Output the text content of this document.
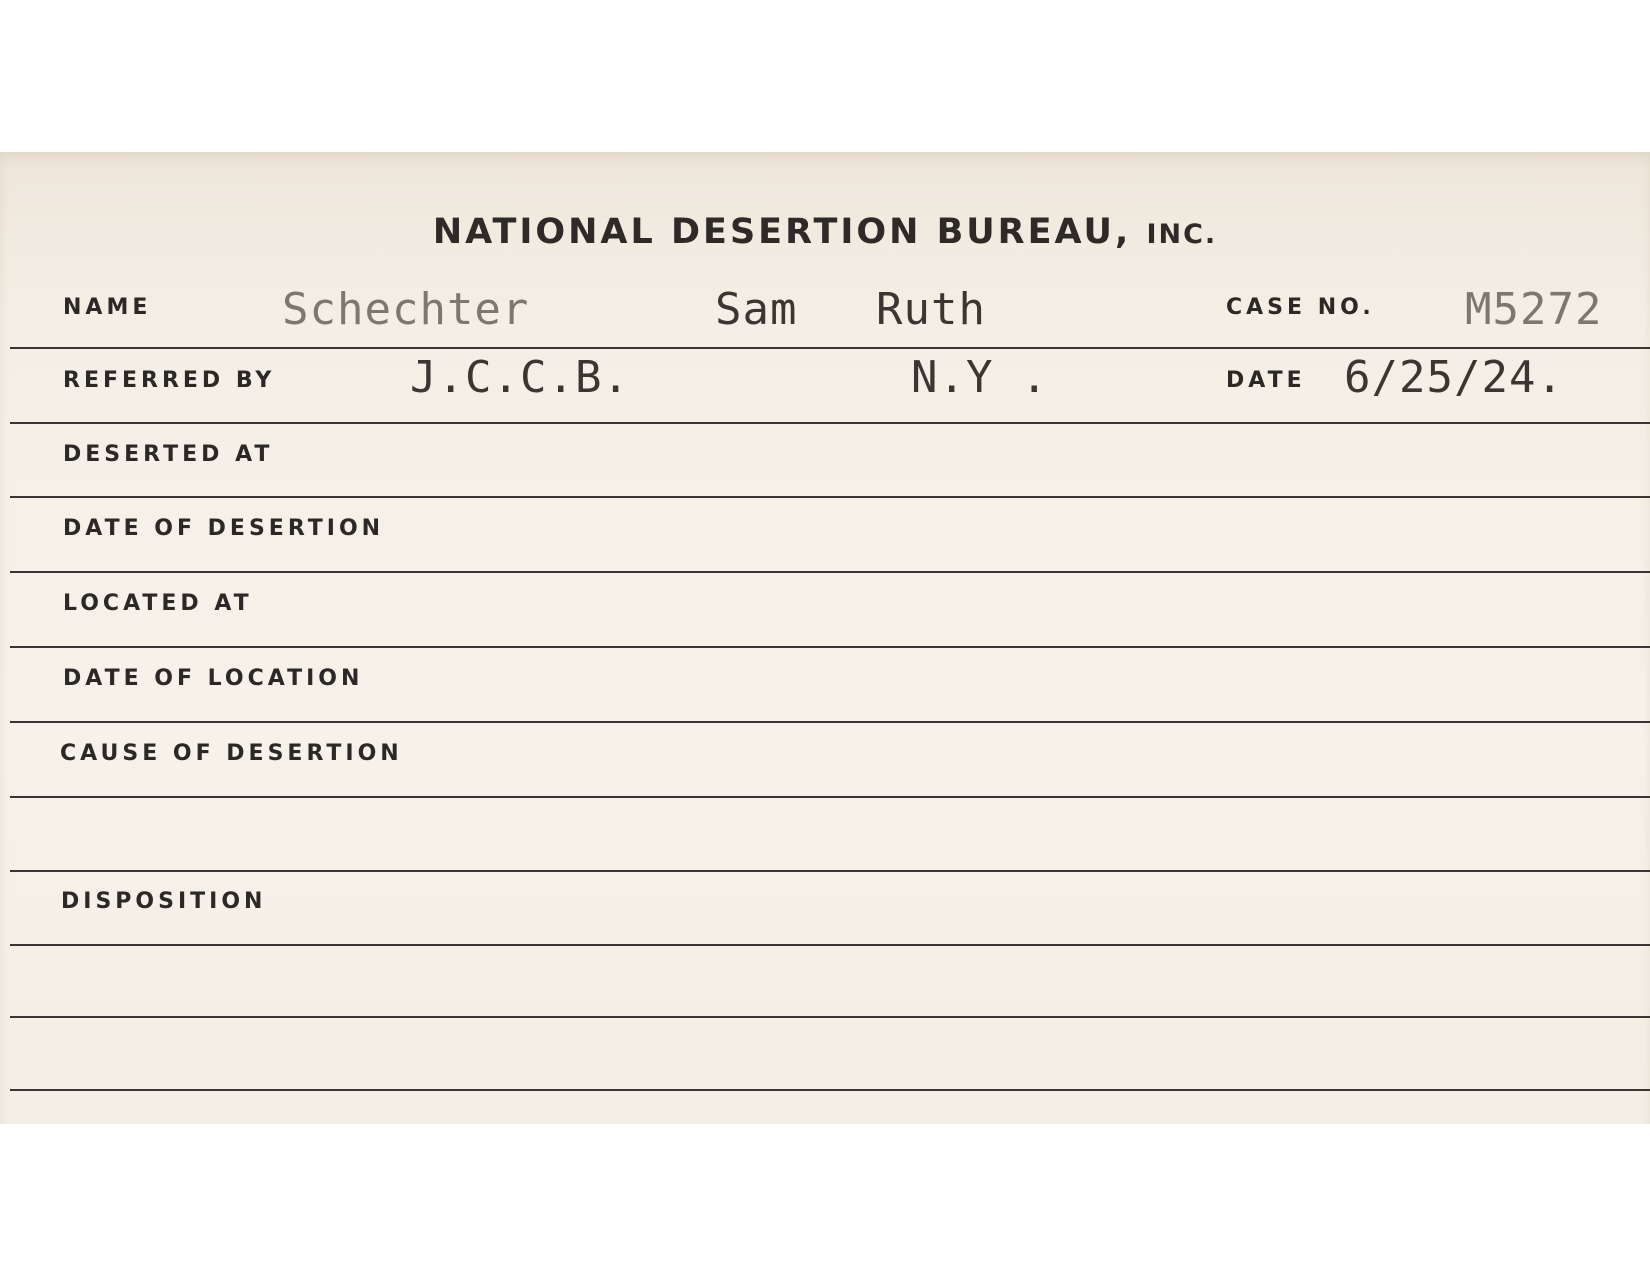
NATIONAL DESERTION BUREAU, INC.
NAME	Schechter	Sam Ruth	CASE NO. M5272
REFERRED BY	J.C.C.B.	N.Y .	DATE 6/25/24.
DESERTED AT
DATE OF DESERTION
LOCATED AT
DATE OF LOCATION
CAUSE OF DESERTION
DISPOSITION
